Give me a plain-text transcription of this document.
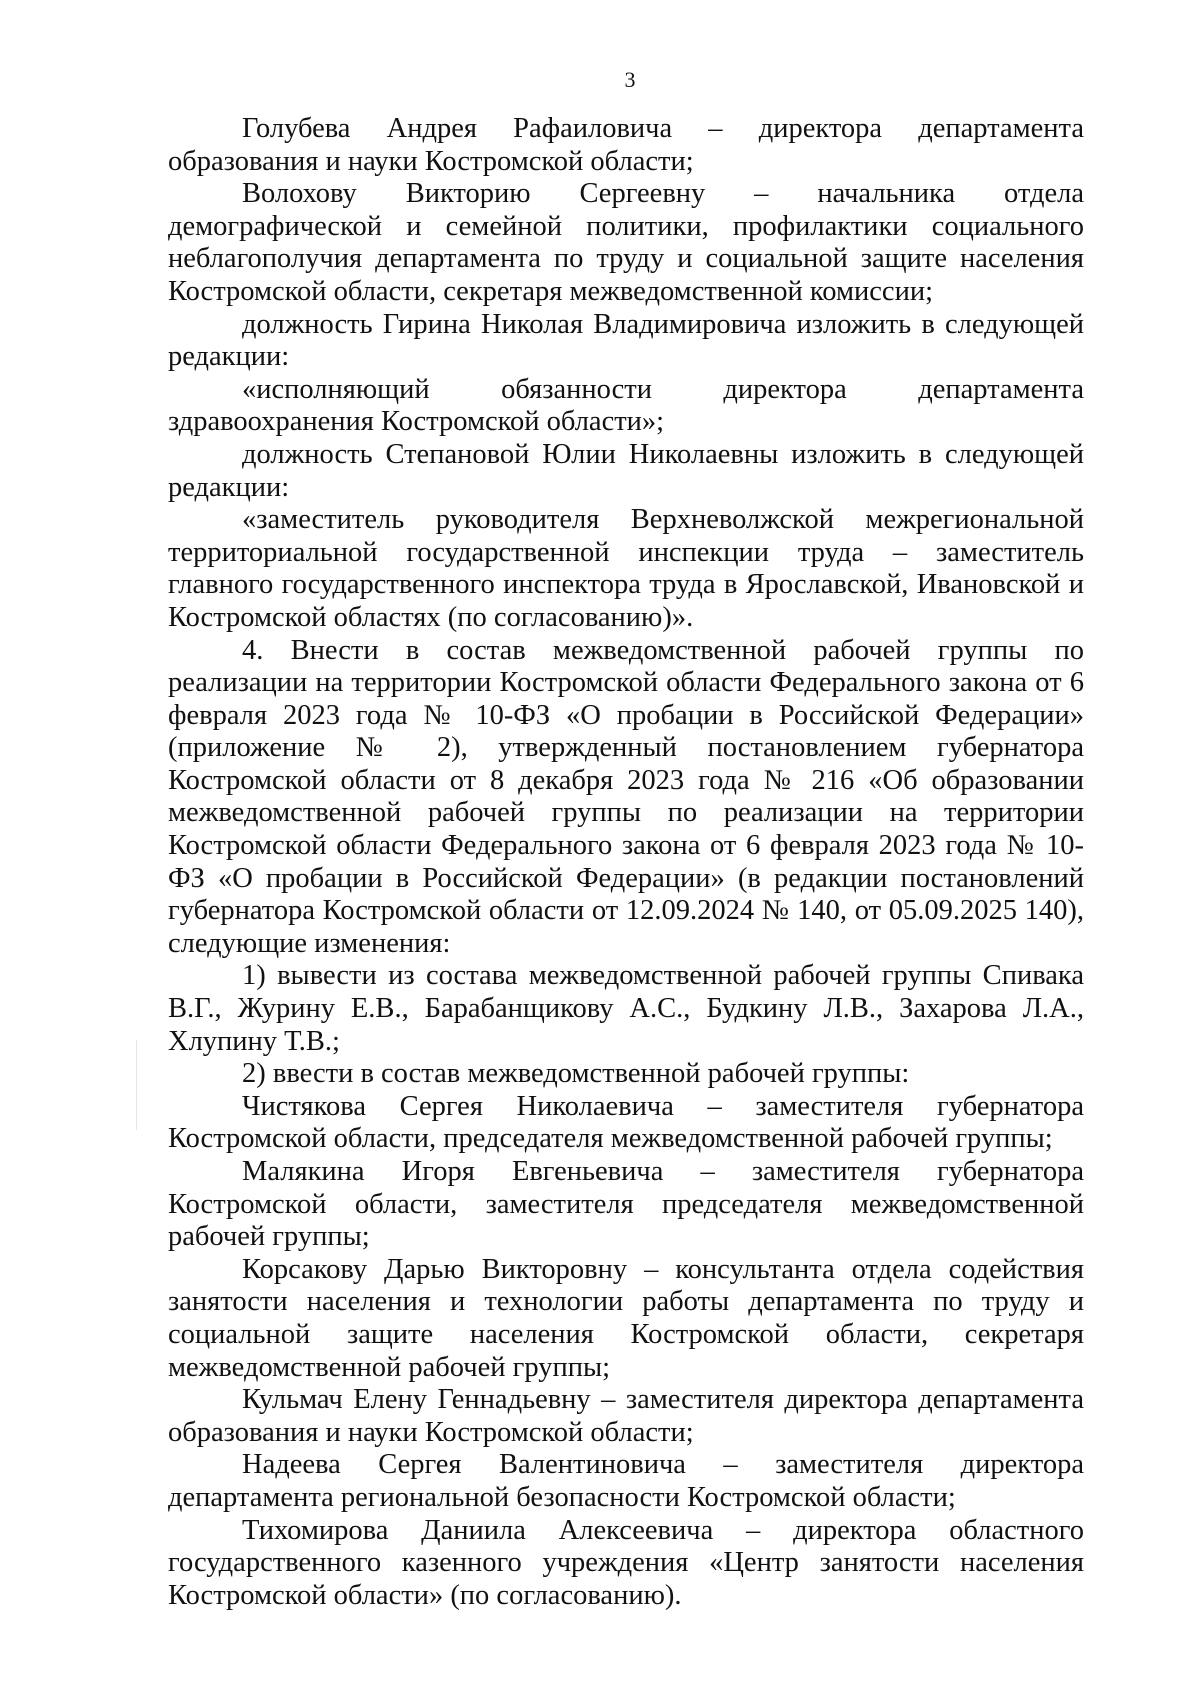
3

Голубева Андрея Рафаиловича – директора департамента образования и науки Костромской области;

Волохову Викторию Сергеевну – начальника отдела демографической и семейной политики, профилактики социального неблагополучия департамента по труду и социальной защите населения Костромской области, секретаря межведомственной комиссии;

должность Гирина Николая Владимировича изложить в следующей редакции:

«исполняющий обязанности директора департамента здравоохранения Костромской области»;

должность Степановой Юлии Николаевны изложить в следующей редакции:

«заместитель руководителя Верхневолжской межрегиональной территориальной государственной инспекции труда – заместитель главного государственного инспектора труда в Ярославской, Ивановской и Костромской областях (по согласованию)».

4. Внести в состав межведомственной рабочей группы по реализации на территории Костромской области Федерального закона от 6 февраля 2023 года № 10-ФЗ «О пробации в Российской Федерации» (приложение № 2), утвержденный постановлением губернатора Костромской области от 8 декабря 2023 года № 216 «Об образовании межведомственной рабочей группы по реализации на территории Костромской области Федерального закона от 6 февраля 2023 года № 10-ФЗ «О пробации в Российской Федерации» (в редакции постановлений губернатора Костромской области от 12.09.2024 № 140, от 05.09.2025 140), следующие изменения:

1) вывести из состава межведомственной рабочей группы Спивака В.Г., Журину Е.В., Барабанщикову А.С., Будкину Л.В., Захарова Л.А., Хлупину Т.В.;

2) ввести в состав межведомственной рабочей группы:

Чистякова Сергея Николаевича – заместителя губернатора Костромской области, председателя межведомственной рабочей группы;

Малякина Игоря Евгеньевича – заместителя губернатора Костромской области, заместителя председателя межведомственной рабочей группы;

Корсакову Дарью Викторовну – консультанта отдела содействия занятости населения и технологии работы департамента по труду и социальной защите населения Костромской области, секретаря межведомственной рабочей группы;

Кульмач Елену Геннадьевну – заместителя директора департамента образования и науки Костромской области;

Надеева Сергея Валентиновича – заместителя директора департамента региональной безопасности Костромской области;

Тихомирова Даниила Алексеевича – директора областного государственного казенного учреждения «Центр занятости населения Костромской области» (по согласованию).
